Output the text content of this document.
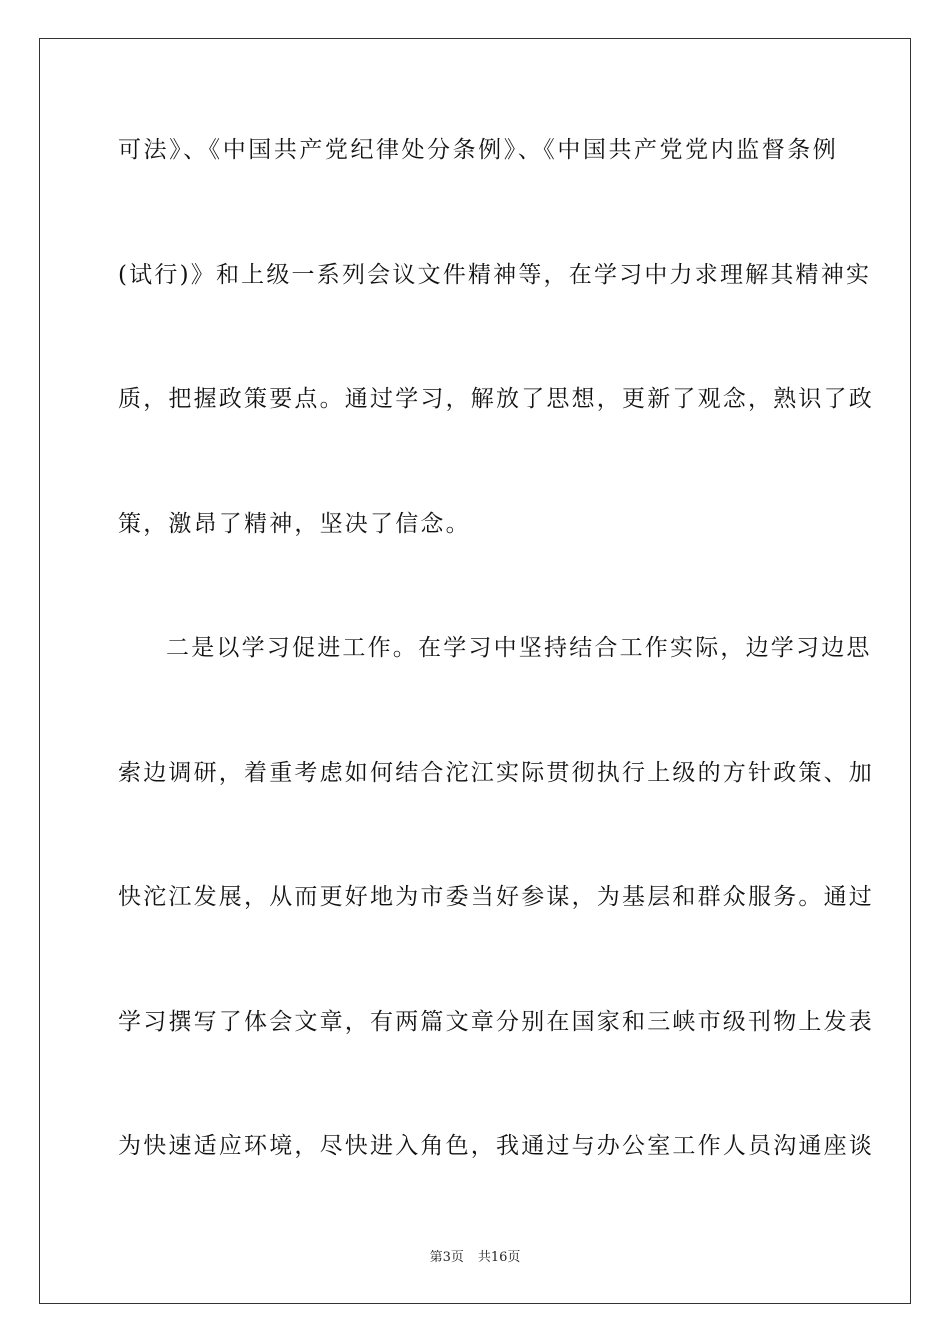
可法》、《中国共产党纪律处分条例》、《中国共产党党内监督条例
(试行)》和上级一系列会议文件精神等，在学习中力求理解其精神实
质，把握政策要点。通过学习，解放了思想，更新了观念，熟识了政
策，激昂了精神，坚决了信念。
二是以学习促进工作。在学习中坚持结合工作实际，边学习边思
索边调研，着重考虑如何结合沱江实际贯彻执行上级的方针政策、加
快沱江发展，从而更好地为市委当好参谋，为基层和群众服务。通过
学习撰写了体会文章，有两篇文章分别在国家和三峡市级刊物上发表
为快速适应环境，尽快进入角色，我通过与办公室工作人员沟通座谈
第3页 共16页
